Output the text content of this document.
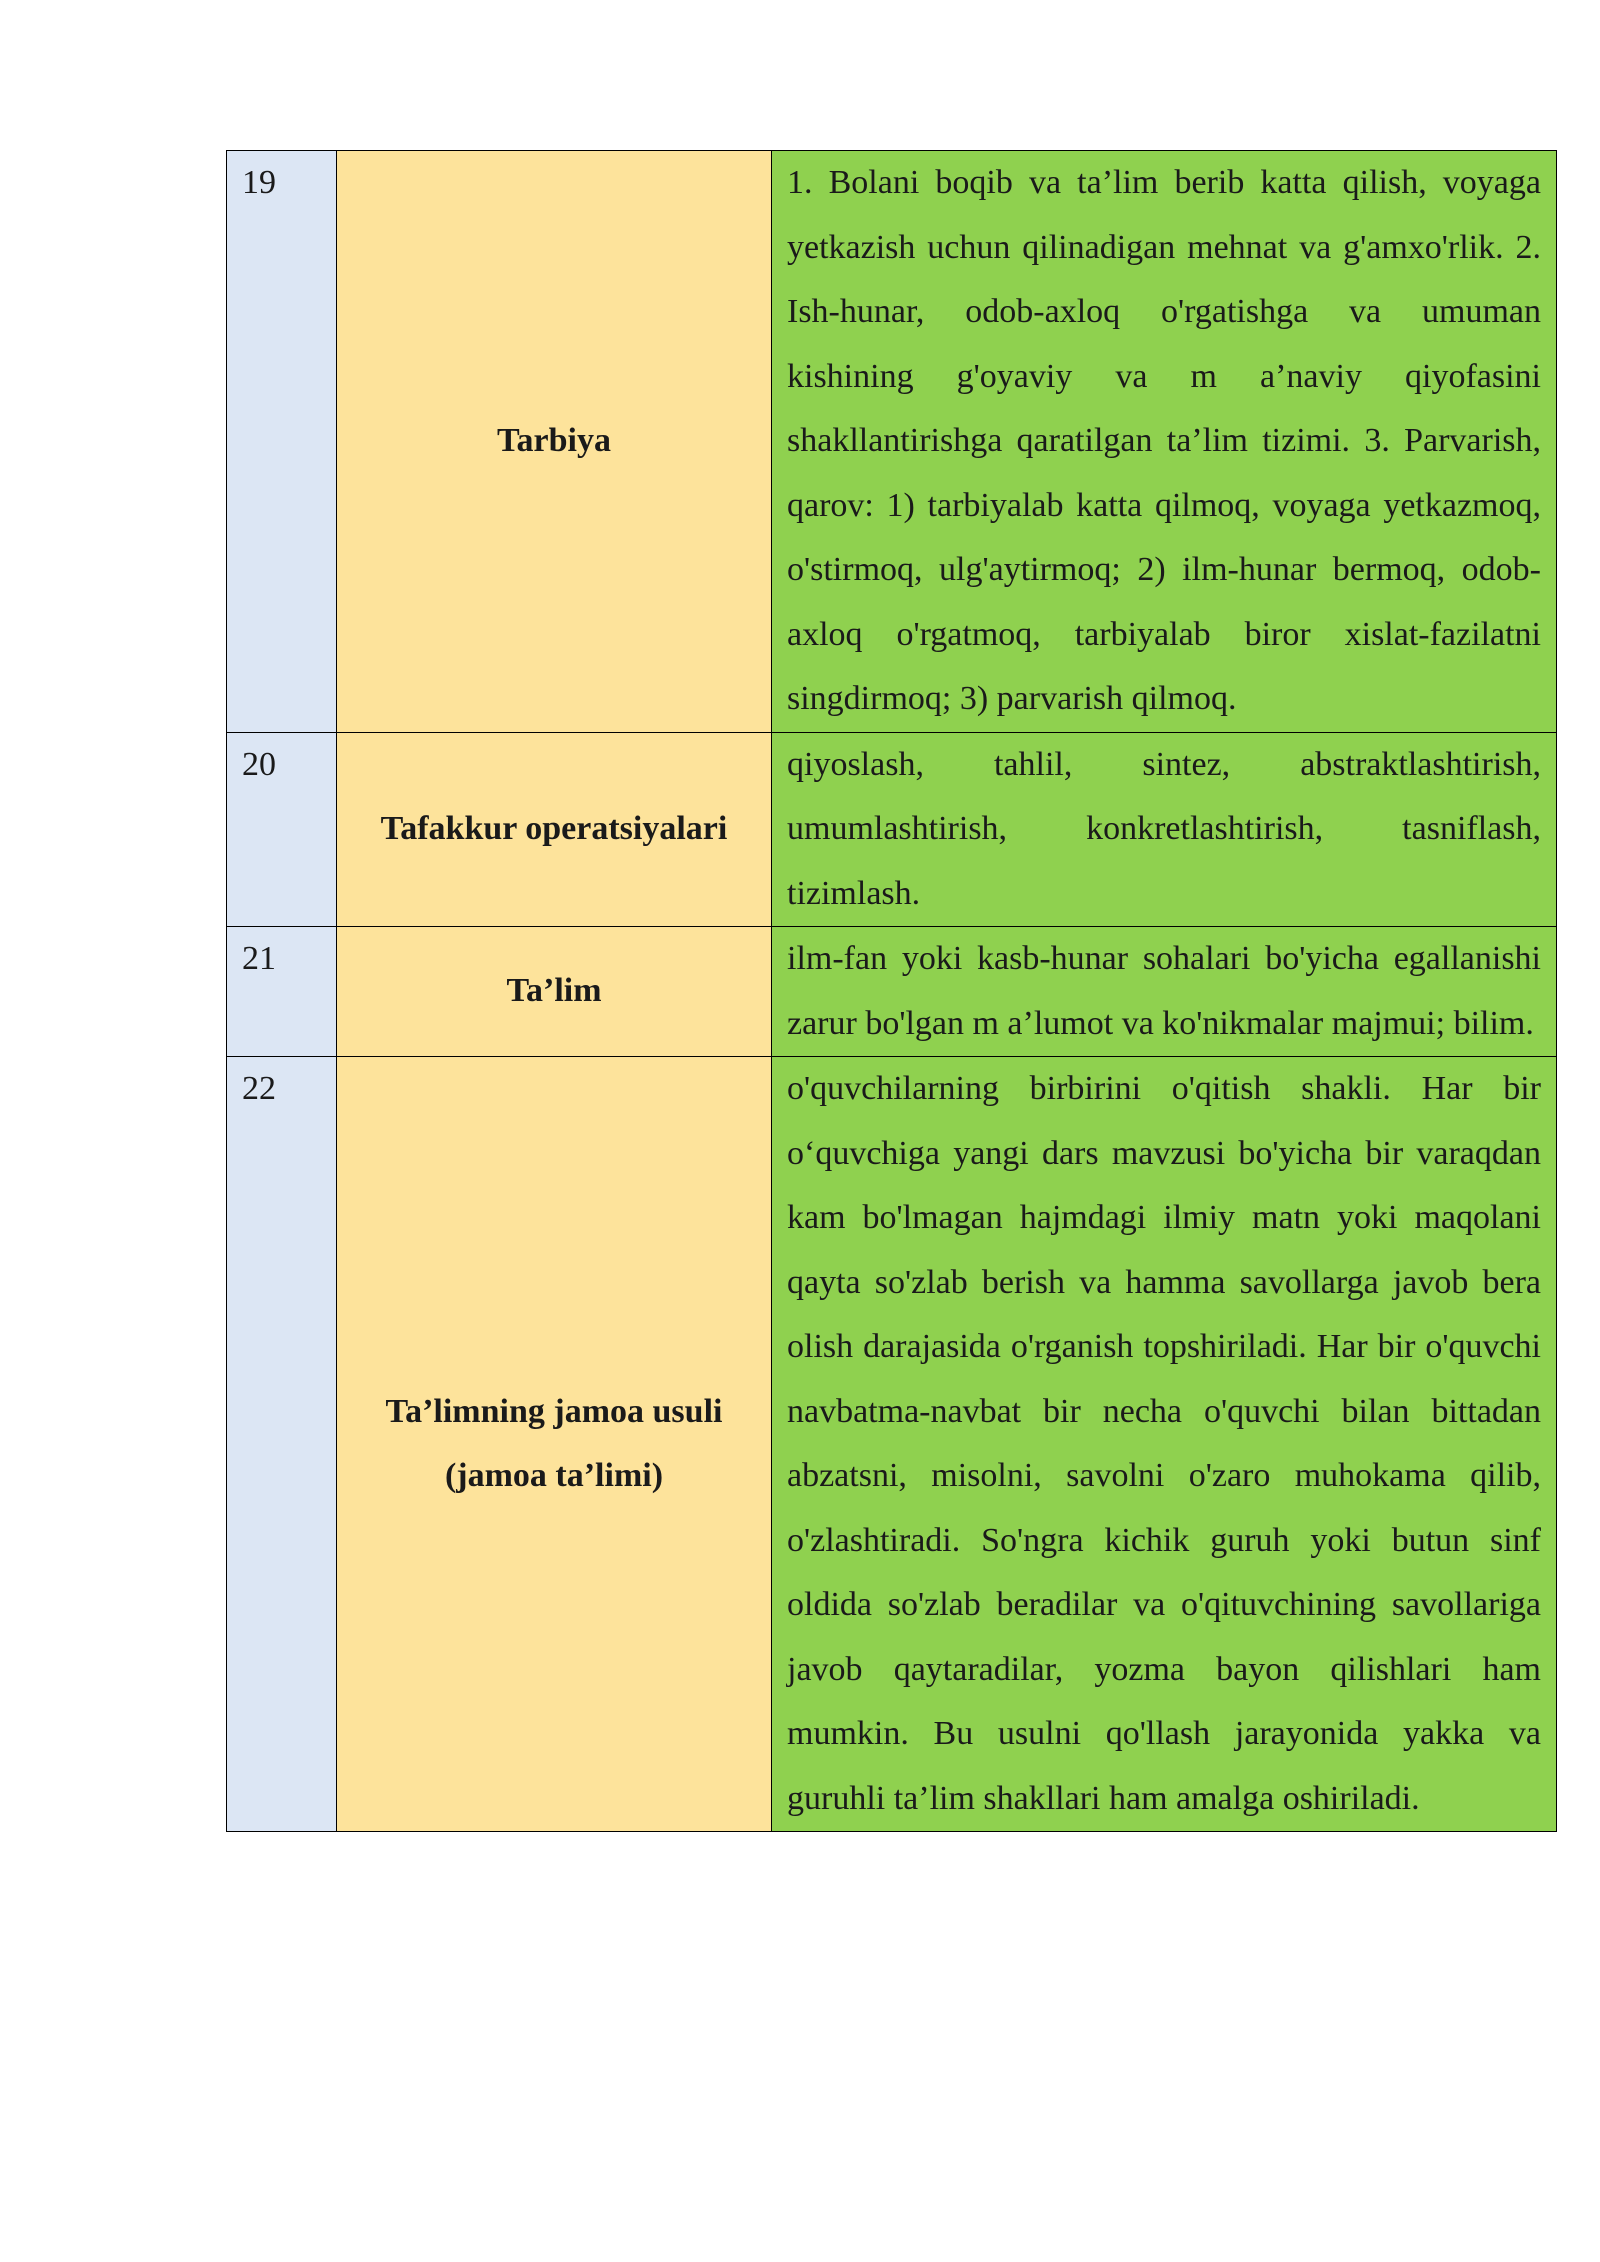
19	Tarbiya	1. Bolani boqib va ta’lim berib katta qilish, voyaga yetkazish uchun qilinadigan mehnat va g'amxo'rlik. 2. Ish-hunar, odob-axloq o'rgatishga va umuman kishining g'oyaviy va m a’naviy qiyofasini shakllantirishga qaratilgan ta’lim tizimi. 3. Parvarish, qarov: 1) tarbiyalab katta qilmoq, voyaga yetkazmoq, o'stirmoq, ulg'aytirmoq; 2) ilm-hunar bermoq, odob-axloq o'rgatmoq, tarbiyalab biror xislat-fazilatni singdirmoq; 3) parvarish qilmoq.
20	Tafakkur operatsiyalari	qiyoslash, tahlil, sintez, abstraktlashtirish, umumlashtirish, konkretlashtirish, tasniflash, tizimlash.
21	Ta’lim	ilm-fan yoki kasb-hunar sohalari bo'yicha egallanishi zarur bo'lgan m a’lumot va ko'nikmalar majmui; bilim.
22	Ta’limning jamoa usuli (jamoa ta’limi)	o'quvchilarning birbirini o'qitish shakli. Har bir o‘quvchiga yangi dars mavzusi bo'yicha bir varaqdan kam bo'lmagan hajmdagi ilmiy matn yoki maqolani qayta so'zlab berish va hamma savollarga javob bera olish darajasida o'rganish topshiriladi. Har bir o'quvchi navbatma-navbat bir necha o'quvchi bilan bittadan abzatsni, misolni, savolni o'zaro muhokama qilib, o'zlashtiradi. So'ngra kichik guruh yoki butun sinf oldida so'zlab beradilar va o'qituvchining savollariga javob qaytaradilar, yozma bayon qilishlari ham mumkin. Bu usulni qo'llash jarayonida yakka va guruhli ta’lim shakllari ham amalga oshiriladi.
